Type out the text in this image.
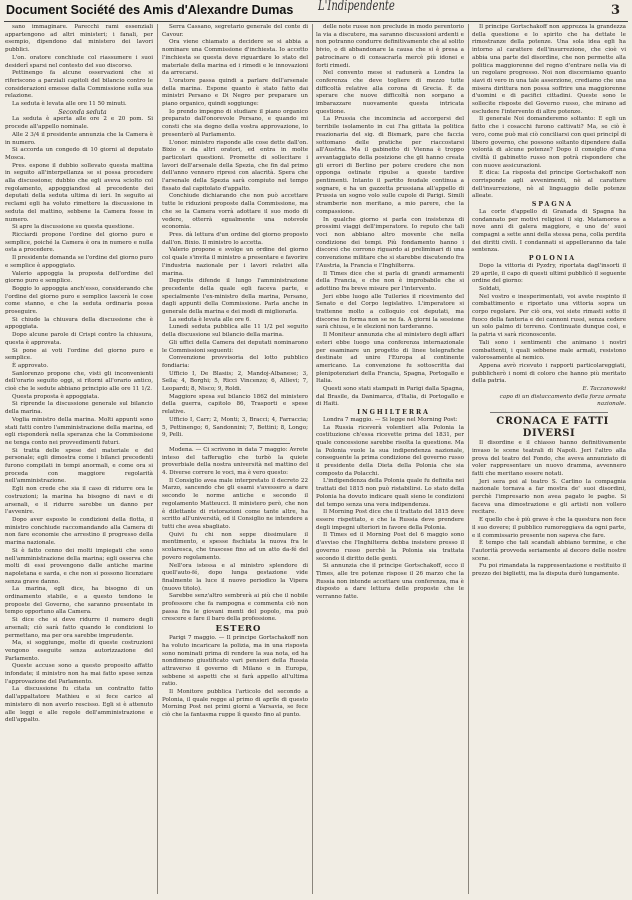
Document Société des Amis d'Alexandre Dumas L'Indipendente	3

sano immaginare. Parecchi rami essenziali appartengono ad altri ministeri; i fanali, per esempio, dipendono dal ministero dei lavori pubblici.

L'on. oratore conchiude col riassumere i suoi desiderî sparsi nel contesto del suo discorso.

Pettinengo fa alcune osservazioni che si riferiscono a parziali capitoli del bilancio contro le considerazioni emesse dalla Commissione sulla sua relazione.

La seduta è levata alle ore 11 50 minuti.

Seconda seduta

La seduta è aperta alle ore 2 e 20 pom. Si procede all'appello nominale.

Alle 2 3/4 il presidente annunzia che la Camera è in numero.

Si accorda un congedo di 10 giorni al deputato Mosca.

Pres. espone il dubbio sollevato questa mattina in seguito all'interpellanza se si possa procedere alla discussione; dubbio che egli aveva sciolto col regolamento, appoggiandosi al precedente dei deputati della seduta ultima di ieri. In seguito ai reclami egli ha voluto rimettere la discussione in seduta del mattino, sebbene la Camera fosse in numero.

Si apre la discussione su questa questione.

Ricciardi propone l'ordine del giorno puro e semplice, poiché la Camera è ora in numero e nulla osta a procedere.

Il presidente domanda se l'ordine del giorno puro e semplice è appoggiato.

Valerio appoggia la proposta dell'ordine del giorno puro e semplice.

Boggio lo appoggia anch'esso, considerando che l'ordine del giorno puro e semplice lascerà le cose come stanno, e che la seduta ordinaria possa proseguire.

Si chiude la chiusura della discussione che è appoggiata.

Dopo alcune parole di Crispi contro la chiusura, questa è approvata.

Si pone ai voti l'ordine del giorno puro e semplice.

È approvato.

Sanlorenzo propone che, visti gli inconvenienti dell'orario seguito oggi, si ritorni all'orario antico, cioè che le sedute abbiano principio alle ore 11 1/2.

Questa proposta è appoggiata.

Si riprende la discussione generale sul bilancio della marina.

Voglia ministro della marina. Molti appunti sono stati fatti contro l'amministrazione della marina, ed egli risponderà nella speranza che la Commissione ne tenga conto nei provvedimenti futuri.

Si tratta delle spese del materiale e del personale; egli dimostra come i bilanci precedenti furono compilati in tempi anormali, e come ora si proceda con maggiore regolarità nell'amministrazione.

Egli non crede che sia il caso di ridurre ora le costruzioni; la marina ha bisogno di navi e di arsenali, e il ridurre sarebbe un danno per l'avvenire.

Dopo aver esposto le condizioni della flotta, il ministro conchiude raccomandando alla Camera di non fare economie che arrestino il progresso della marina nazionale.

Si è fatto cenno dei molti impiegati che sono nell'amministrazione della marina; egli osserva che molti di essi provengono dalle antiche marine napoletana e sarda, e che non si possono licenziare senza grave danno.

La marina, egli dice, ha bisogno di un ordinamento stabile, e a questo tendono le proposte del Governo, che saranno presentate in tempo opportuno alla Camera.

Si dice che si deve ridurre il numero degli arsenali; ciò sarà fatto quando le condizioni lo permettano, ma per ora sarebbe imprudente.

Ma, si soggiunge, molte di queste costruzioni vengono eseguite senza autorizzazione del Parlamento.

Queste accuse sono a questo proposito affatto infondate; il ministro non ha mai fatto spese senza l'approvazione del Parlamento.

La discussione fu citata un contratto fatto dall'appaltatore Mathieu e si fece carico al ministero di non averlo rescisso. Egli si è attenuto alle leggi e alle regole dell'amministrazione e dell'appalto.

Serra Cassano, segretario generale del conte di Cavour.

Ora viene chiamato a decidere se si abbia a nominare una Commissione d'inchiesta. Io accetto l'inchiesta se questa deve riguardare lo stato del materiale della marina ed i rimedi e le innovazioni da arrecarsi.

L'oratore passa quindi a parlare dell'arsenale della marina. Espone quanto è stato fatto dai ministri Persano e Di Negro per preparare un piano organico, quindi soggiunge:

Io prendo impegno di studiare il piano organico preparato dall'onorevole Persano, e quando mi consti che sia degno della vostra approvazione, lo presenterò al Parlamento.

L'onor. ministro risponde alle cose dette dall'on. Bixio e da altri oratori, ed entra in molte particolari questioni. Promette di sollecitare i lavori dell'arsenale della Spezia, che fin dal primo dell'anno vennero ripresi con alacrità. Spera che l'arsenale della Spezia sarà compiuto nel tempo fissato dal capitolato d'appalto.

Conchiude dichiarando che non può accettare tutte le riduzioni proposte dalla Commissione, ma che se la Camera vorrà adottare il suo modo di vedere, otterrà egualmente una notevole economia.

Pres. dà lettura d'un ordine del giorno proposto dall'on. Bixio. Il ministro lo accetta.

Valerio propone e svolge un ordine del giorno col quale s'invita il ministro a presentare e favorire l'industria nazionale per i lavori relativi alla marina.

Depretis difende il lungo l'amministrazione precedente della quale egli faceva parte, e specialmente l'ex-ministro della marina, Persano, dagli appunti della Commissione. Parla anche in generale della marina e dei modi di migliorarla.

La seduta è levata alle ore 6.

Lunedì seduta pubblica alle 11 1/2 pel seguito della discussione sul bilancio della marina.

Gli uffici della Camera dei deputati nominarono le Commissioni seguenti:

Convenzione provvisoria del lotto pubblico fondiaria:

Ufficio I, De Blasiis; 2, Mandoj-Albanese; 3, Sella; 4, Borghi; 5, Ricci Vincenzo; 6, Allievi; 7, Leopardi; 8, Nisco; 9, Roldi.

Maggiore spesa sul bilancio 1862 del ministero della guerra, capitolo 86, Trasporti e spese relative.

Ufficio I, Carr; 2, Monti; 3, Bracci; 4, Farraccia; 5, Pettinengo; 6, Sandonnini; 7, Bettini; 8, Longo; 9, Pelli.

Modena. — Ci scrivono in data 7 maggio: Avrete inteso del tafferuglio che turbò la quiete proverbiale della nostra università nel mattino del 4. Diverse correre le voci, ma è vero questo:

Il Consiglio avea male interpretato il decreto 22 Marzo, sancendo che gli esami s'avessero a dare secondo le norme antiche e secondo il regolamento Matteucci. Il ministero però, che non è dilettante di ristorazioni come tante altre, ha scritto all'università, ed il Consiglio ne intendere a tutti che avea sbagliato.

Quivi fu chi non seppe dissimulare il mentimento, e spesse fischiata la nuova fra le scolaresca, che trascese fino ad un atto da-fé del povero regolamento.

Nell'ora istessa e al ministro splendore di quell'auto-fé, dopo lunga gestazione vide finalmente la luce il nuovo periodico la Vipera (nuovo titolo).

Sarebbe senz'altro sembrerà ai più che il nobile professore che fa rampogna e commenta ciò non passa fra le giovani menti del popolo, ma può crescere e fare il baro della professione.

ESTERO

Parigi 7 maggio. — Il principe Gortschakoff non ha voluto incaricare la polizia, ma in una risposta sono nominati prima di rendere la sua nota, ed ha nondimeno giustificato vari pensieri della Russia attraverso il governo di Milano e in Europa, sebbene si aspetti che si farà appello all'ultima ratio.

Il Monitore pubblica l'articolo del secondo a Polonia, il quale regge al primo di aprile di questo Morning Post nei primi giorni a Varsavia, se fece ciò che la fantasma ruppe lì questo fino al punto.

delle note russe non preclude in modo perentorio la via a discutere, ma saranno discussioni ardenti e non potranno condurre definitivamente che al solito bivio, o di abbandonare la causa che si è presa a patrocinare o di consacrarla mercè più idonei e forti rimedi.

Nel convento mese si radunerà a Londra la conferenza che deve togliere di mezzo tutte difficoltà relative alla corona di Grecia. È da sperare che nuove difficoltà non sorgano a imbarazzare nuovamente questa intricata questione.

La Prussia che incomincia ad accorgersi del terribile isolamento in cui l'ha gittata la politica reazionaria del sig. di Bismark, pare che faccia sottomano delle pratiche per riaccostarsi all'Austria. Ma il gabinetto di Vienna è troppo avvantaggiato della posizione che gli hanno creata gli errori di Berlino per potere credere che non opponga ostinate ripulse a queste tardive pentimenti. Intanto il partito feudale continua a sognare, e ha un gazzetta prussiana all'appello di Prussia un sogno volo sulle cupole di Parigi. Simili stramberie non meritano, a mio parere, che la compassione.

In qualche giorno si parla con insistenza di prossimi viaggi dell'imperatore. Io reputo che tali voci non abbiano altro movente che nella condizione dei tempi. Più fondamento hanno i discorsi che corrono riguardo ai preliminari di una convenzione militare che si starebbe discutendo fra l'Austria, la Francia e l'Inghilterra.

Il Times dice che si parla di grandi armamenti della Francia, e che non è improbabile che si adottino fra breve misure per l'intervento.

Jeri ebbe luogo alle Tuileries il ricevimento del Senato e del Corpo legislativo. L'imperatore si trattenne molto a colloquio coi deputati, ma discorse in forma non se ne fa. A giorni la sessione sarà chiusa, e le elezioni non tarderanno.

Il Moniteur annunzia che al ministero degli affari esteri ebbe luogo una conferenza internazionale per esaminare un progetto di linee telegrafiche destinate ad unire l'Europa al continente americano. La convenzione fu sottoscritta dai plenipotenziari della Francia, Spagna, Portogallo e Italia.

Questi sono stati stampati in Parigi dalla Spagna, dal Brasile, da Danimarca, d'Italia, di Portogallo e di Haiti.

INGHILTERRA

Londra 7 maggio. — Si legge nel Morning Post:

La Russia riceverà volentieri alla Polonia la costituzione ch'essa ricevette prima del 1831, per quale concessione sarebbe risolta la questione. Ma la Polonia vuole la sua indipendenza nazionale, conseguente la prima condizione del governo russo il presidente della Dieta della Polonia che sia composto da Polacchi.

L'indipendenza della Polonia quale fu definita nei trattati del 1815 non può ristabilirsi. Lo stato della Polonia ha dovuto indicare quali sieno le condizioni del tempo senza una vera indipendenza.

Il Morning Post dice che il trattato del 1815 deve essere rispettato, e che la Russia deve prendere degli impegni ulteriori in favore della Polonia.

Il Times ed il Morning Post del 6 maggio sono d'avviso che l'Inghilterra debba insistere presso il governo russo perchè la Polonia sia trattata secondo il diritto delle genti.

Si annunzia che il principe Gortschakoff, ecco il Times, alle tre potenze rispose il 26 marzo che la Russia non intende accettare una conferenza, ma è disposto a dare lettura delle proposte che le verranno fatte.

Il principe Gortschakoff non apprezza la grandezza della questione e lo spirito che ha dettate le rimostranze della potenze. Una sola idea egli ha intorno al carattere dell'insurrezione, che cioè vi abbia una parte del disordine, che non permette alla politica maggiorenne del regno d'entrare nella via di un regolare progresso. Noi non discerniamo quanto siavi di vero in una tale asserzione, crediamo che una misera dirittura non possa soffrire una maggiorenne d'uomini e di pacifici cittadini. Queste sono le sollecite risposte del Governo russo, che mirano ad escludere l'intervento di altre potenze.

Il generale Noi domanderemo soltanto: E egli un fatto che i cosacchi furono cattivati? Ma, se ciò è vero, come può mai ciò conciliarsi con quei principî di libero governo, che possono soltanto dipendere dalla volontà di alcune potenze? Dopo il consiglio d'una civiltà il gabinetto russo non potrà rispondere che con nuove assicurazioni.

E dica: La risposta del principe Gortschakoff non corrisponde agli avvenimenti, nè al carattere dell'insurrezione, nè al linguaggio delle potenze alleate.

SPAGNA

La corte d'appello di Granada di Spagna ha condannato per motivi religiosi il sig. Matamoros a nove anni di galera maggiore, e uno de' suoi compagni a sette anni della stessa pena, colla perdita dei diritti civili. I condannati si appelleranno da tale sentenza.

POLONIA

Dopo la vittoria di Pyzdry, riportata dagl'insorti il 29 aprile, il capo di questi ultimi pubblicò il seguente ordine del giorno:

Soldati,

Nel vostro e inesperimentati, voi avete respinto il combattimento e riportato una vittoria sopra un corpo regolare. Per ciò ora, voi siete rimasti sotto il fuoco della fanteria e dei cannoni russi, senza cedere un solo palmo di terreno. Continuate dunque così, e la patria vi sarà riconoscente.

Tali sono i sentimenti che animano i nostri combattenti, i quali sebbene male armati, resistono valorosamente al nemico.

Appena avrò ricevuto i rapporti particolareggiati, pubblicherò i nomi di coloro che hanno più meritato della patria.

E. Taczanowski

capo di un distaccamento della forza armata nazionale.

CRONACA E FATTI DIVERSI

Il disordine e il chiasso hanno definitivamente invaso le scene teatrali di Napoli. Jeri l'altro alla prova del teatro del Fondo, che aveva annunziato di voler rappresentare un nuovo dramma, avvennero fatti che meritano essere notati.

Jeri sera poi al teatro S. Carlino la compagnia nazionale tornava a far mostra de' suoi disordini, perchè l'impresario non avea pagato le paghe. Si faceva una dimostrazione e gli artisti non vollero recitare.

E quello che è più grave è che la questura non fece il suo dovere; il pubblico rumoreggiava da ogni parte, e il commissario presente non sapeva che fare.

È tempo che tali scandali abbiano termine, e che l'autorità provveda seriamente al decoro delle nostre scene.

Fu poi rimandata la rappresentazione e restituito il prezzo dei biglietti, ma la disputa durò lungamente.
